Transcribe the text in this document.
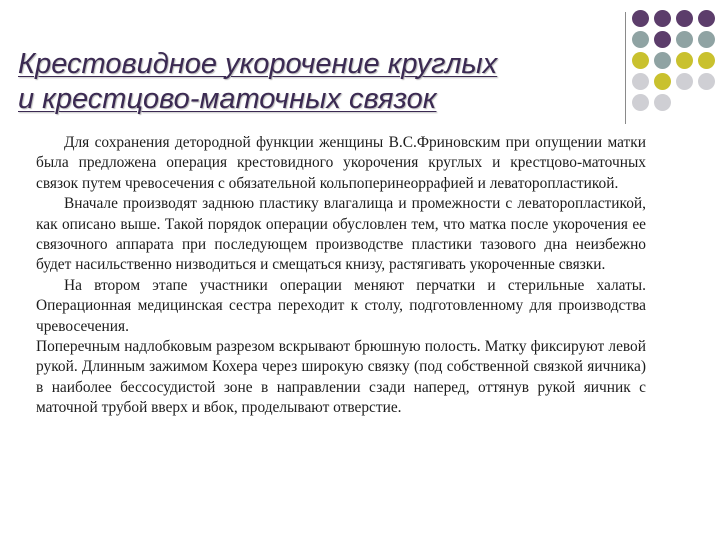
Крестовидное укорочение круглых
и крестцово-маточных связок

Для сохранения детородной функции женщины В.С.Фриновским при опущении матки была предложена операция крестовидного укорочения круглых и крестцово-маточных связок путем чревосечения с обязательной кольпоперинеоррафией и леваторопластикой.

Вначале производят заднюю пластику влагалища и промежности с леваторопластикой, как описано выше. Такой порядок операции обусловлен тем, что матка после укорочения ее связочного аппарата при последующем производстве пластики тазового дна неизбежно будет насильственно низводиться и смещаться книзу, растягивать укороченные связки.

На втором этапе участники операции меняют перчатки и стерильные халаты. Операционная медицинская сестра переходит к столу, подготовленному для производства чревосечения.

Поперечным надлобковым разрезом вскрывают брюшную полость. Матку фиксируют левой рукой. Длинным зажимом Кохера через широкую связку (под собственной связкой яичника) в наиболее бессосудистой зоне в направлении сзади наперед, оттянув рукой яичник с маточной трубой вверх и вбок, проделывают отверстие.
